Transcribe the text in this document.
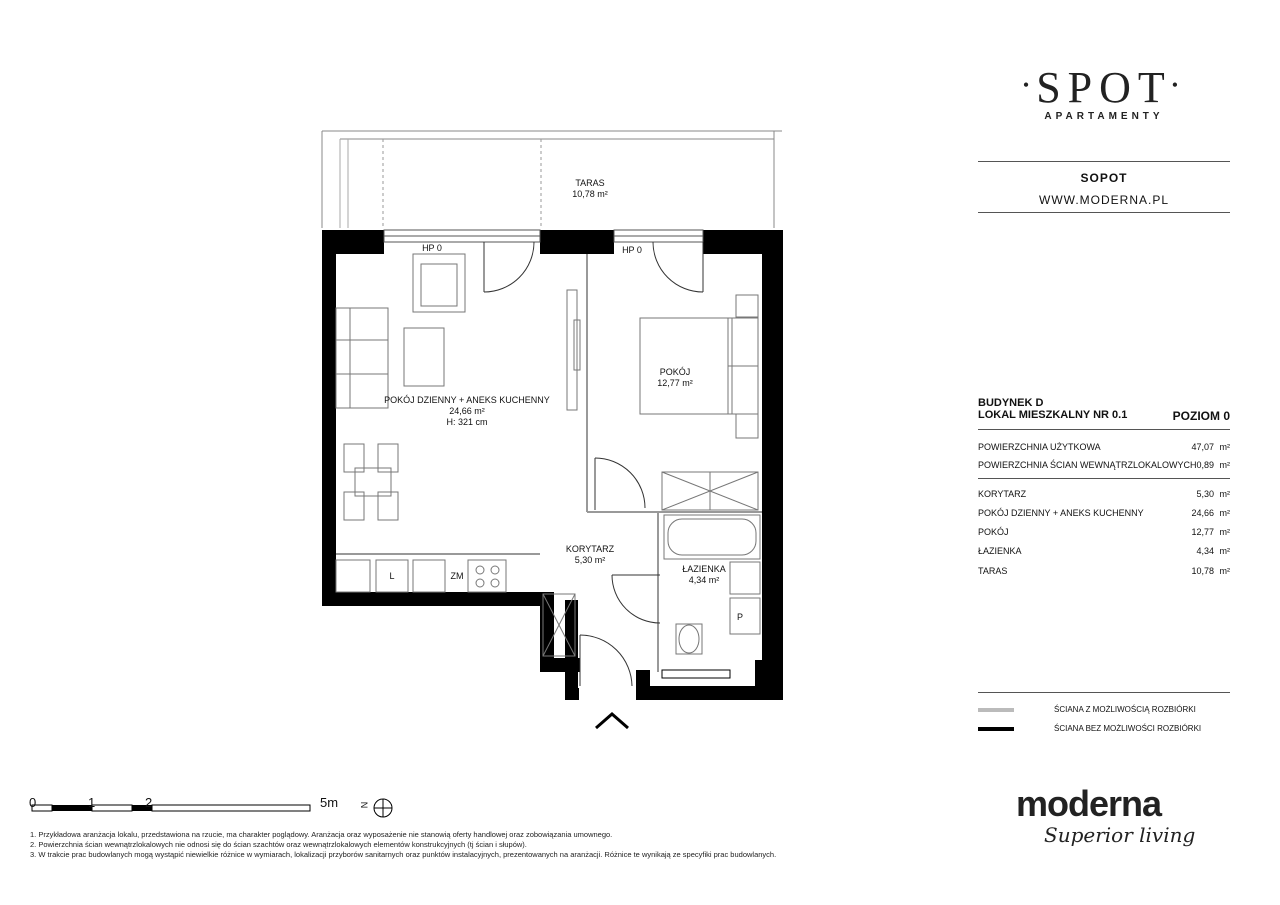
TARAS
10,78 m²
HP 0	HP 0
POKÓJ DZIENNY + ANEKS KUCHENNY
24,66 m²
H: 321 cm
POKÓJ
12,77 m²
KORYTARZ
5,30 m²
ŁAZIENKA
4,34 m²
L	ZM
P
0	1	2	5m N
1. Przykładowa aranżacja lokalu, przedstawiona na rzucie, ma charakter poglądowy. Aranżacja oraz wyposażenie nie stanowią oferty handlowej oraz zobowiązania umownego.
2. Powierzchnia ścian wewnątrzlokalowych nie odnosi się do ścian szachtów oraz wewnątrzlokalowych elementów konstrukcyjnych (tj ścian i słupów).
3. W trakcie prac budowlanych mogą wystąpić niewielkie różnice w wymiarach, lokalizacji przyborów sanitarnych oraz punktów instalacyjnych, prezentowanych na aranżacji. Różnice te wynikają ze specyfiki prac budowlanych.
•SPOT•
APARTAMENTY
SOPOT
WWW.MODERNA.PL
BUDYNEK D
LOKAL MIESZKALNY NR 0.1	POZIOM 0
POWIERZCHNIA UŻYTKOWA	47,07 m²
POWIERZCHNIA ŚCIAN WEWNĄTRZLOKALOWYCH 0,89 m²
KORYTARZ	5,30 m²
POKÓJ DZIENNY + ANEKS KUCHENNY	24,66 m²
POKÓJ	12,77 m²
ŁAZIENKA	4,34 m²
TARAS	10,78 m²
ŚCIANA Z MOŻLIWOŚCIĄ ROZBIÓRKI
ŚCIANA BEZ MOŻLIWOŚCI ROZBIÓRKI
moderna
Superior living
